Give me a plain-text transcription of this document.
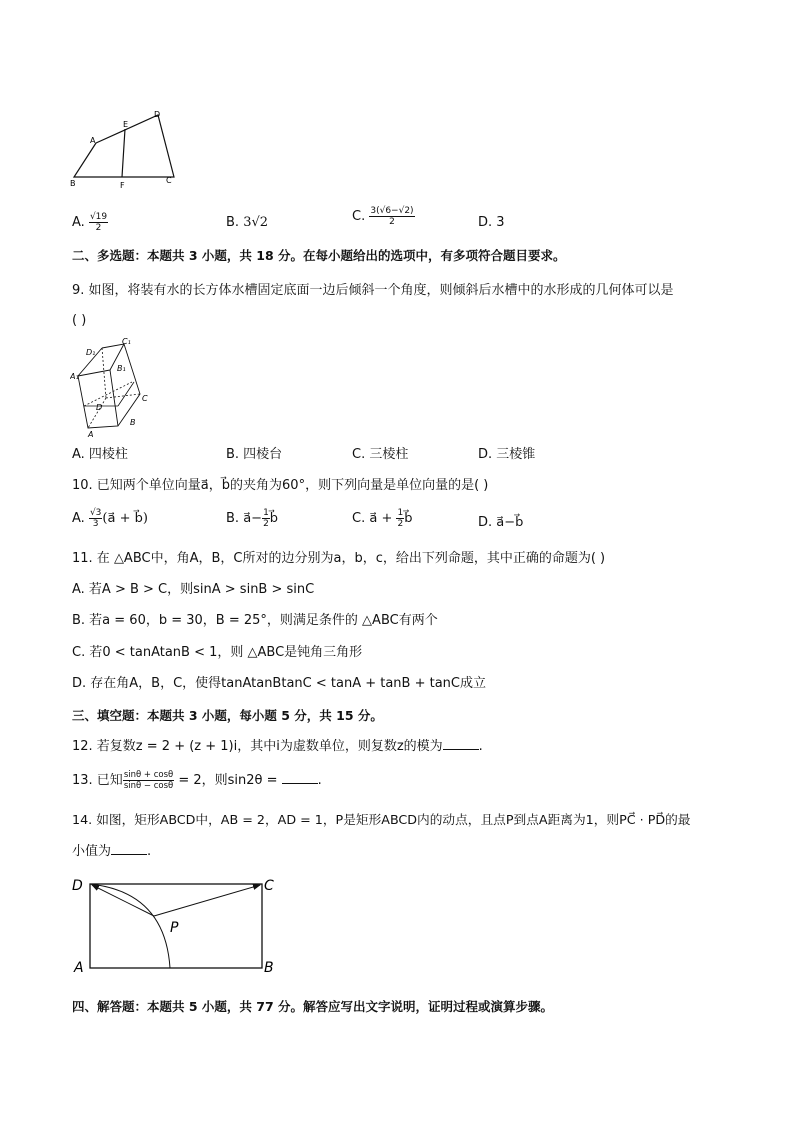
A
B	C
D
E
F
A. $\frac{√19}{2}$	B. 3√2	C. $\frac{3(√6-√2)}{2}$	D. 3
二、多选题：本题共 3 小题，共 18 分。在每小题给出的选项中，有多项符合题目要求。
9. 如图，将装有水的长方体水槽固定底面一边后倾斜一个角度，则倾斜后水槽中的水形成的几何体可以是
( )
D₁
C₁
A₁
B₁
D
C
A
B
A. 四棱柱	B. 四棱台	C. 三棱柱	D. 三棱锥
10. 已知两个单位向量a⃗，b⃗的夹角为60°，则下列向量是单位向量的是( )
A. $\frac{√3}{3}$ (a⃗ + b⃗)	B. a⃗− $\frac{1}{2}$ b⃗	C. a⃗ + $\frac{1}{2}$ b⃗	D. a⃗−b⃗
11. 在 △ABC中，角A，B，C所对的边分别为a，b，c，给出下列命题，其中正确的命题为( )
A. 若A > B > C，则sinA > sinB > sinC
B. 若a = 60，b = 30，B = 25°，则满足条件的 △ABC有两个
C. 若0 < tanAtanB < 1，则 △ABC是钝角三角形
D. 存在角A，B，C，使得tanAtanBtanC < tanA + tanB + tanC成立
三、填空题：本题共 3 小题，每小题 5 分，共 15 分。
12. 若复数z = 2 + (z + 1)i，其中i为虚数单位，则复数z的模为	.
13. 已知 $\frac{\sin\theta + \cos\theta}{\sin\theta - \cos\theta} = 2$，则sin2θ =	.
14. 如图，矩形ABCD中，AB = 2，AD = 1，P是矩形ABCD内的动点，且点P到点A距离为1，则PC⃗ · PD⃗的最
小值为	.
D	C
P
A	B
四、解答题：本题共 5 小题，共 77 分。解答应写出文字说明，证明过程或演算步骤。
